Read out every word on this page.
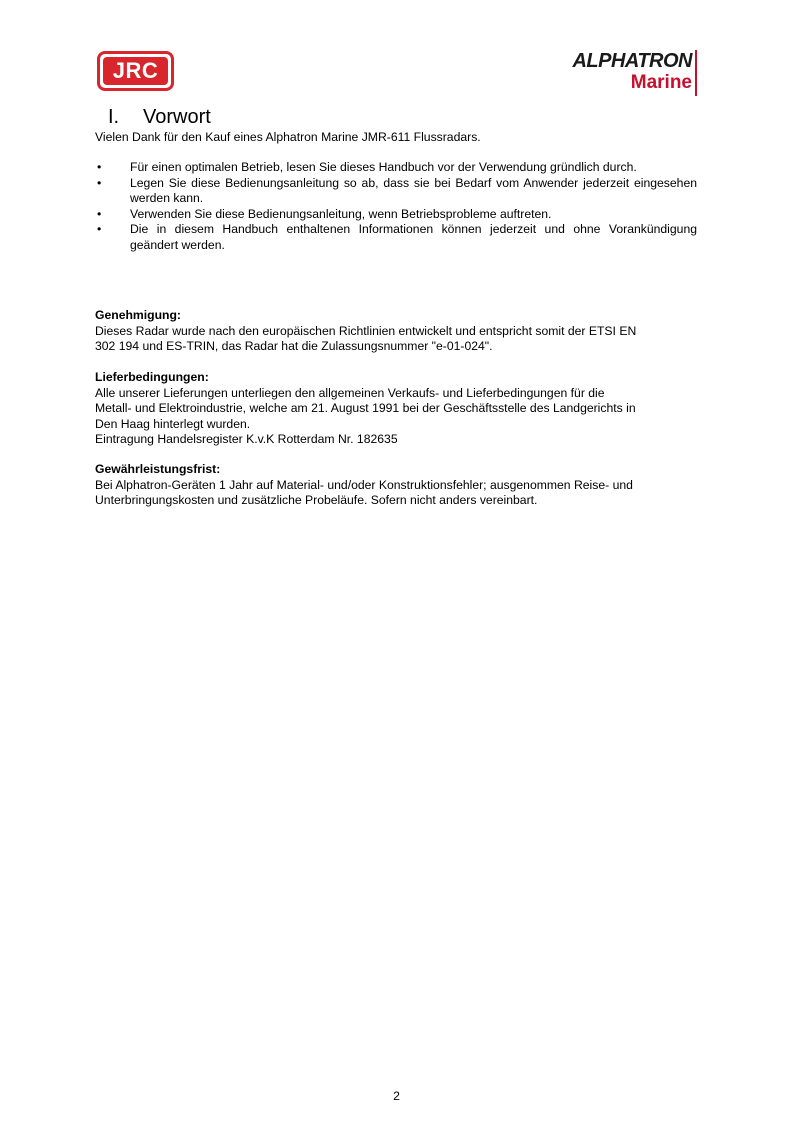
JRC	ALPHATRON
Marine
I.	Vorwort
Vielen Dank für den Kauf eines Alphatron Marine JMR-611 Flussradars.
• Für einen optimalen Betrieb, lesen Sie dieses Handbuch vor der Verwendung gründlich durch.
• Legen Sie diese Bedienungsanleitung so ab, dass sie bei Bedarf vom Anwender jederzeit eingesehen werden kann.
• Verwenden Sie diese Bedienungsanleitung, wenn Betriebsprobleme auftreten.
• Die in diesem Handbuch enthaltenen Informationen können jederzeit und ohne Vorankündigung geändert werden.
Genehmigung:
Dieses Radar wurde nach den europäischen Richtlinien entwickelt und entspricht somit der ETSI EN
302 194 und ES-TRIN, das Radar hat die Zulassungsnummer "e-01-024".
Lieferbedingungen:
Alle unserer Lieferungen unterliegen den allgemeinen Verkaufs- und Lieferbedingungen für die
Metall- und Elektroindustrie, welche am 21. August 1991 bei der Geschäftsstelle des Landgerichts in
Den Haag hinterlegt wurden.
Eintragung Handelsregister K.v.K Rotterdam Nr. 182635
Gewährleistungsfrist:
Bei Alphatron-Geräten 1 Jahr auf Material- und/oder Konstruktionsfehler; ausgenommen Reise- und
Unterbringungskosten und zusätzliche Probeläufe. Sofern nicht anders vereinbart.
2
